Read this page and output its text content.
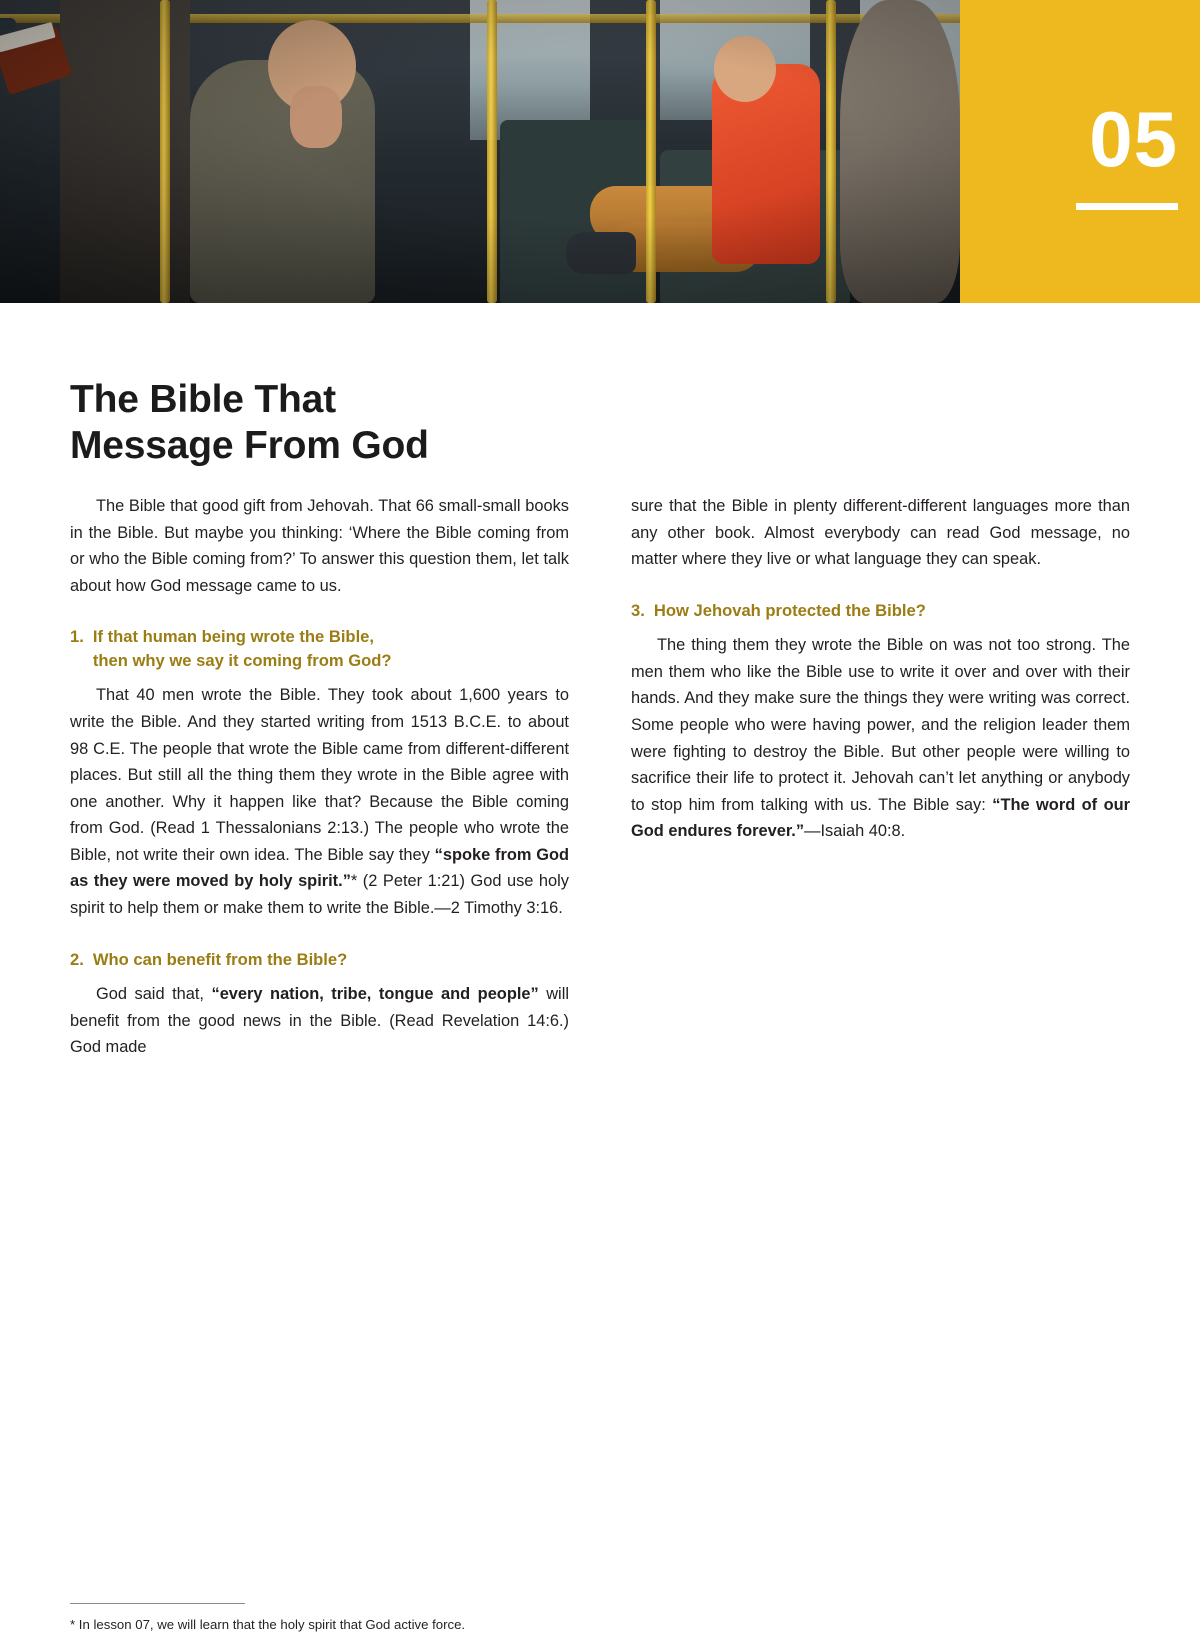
05
The Bible That
Message From God

The Bible that good gift from Jehovah. That 66 small-small books in the Bible. But maybe you thinking: ‘Where the Bible coming from or who the Bible coming from?’ To answer this question them, let talk about how God message came to us.

1. If that human being wrote the Bible,
then why we say it coming from God?

That 40 men wrote the Bible. They took about 1,600 years to write the Bible. And they started writing from 1513 B.C.E. to about 98 C.E. The people that wrote the Bible came from different-different places. But still all the thing them they wrote in the Bible agree with one another. Why it happen like that? Because the Bible coming from God. (Read 1 Thessalonians 2:13.) The people who wrote the Bible, not write their own idea. The Bible say they “spoke from God as they were moved by holy spirit.”* (2 Peter 1:21) God use holy spirit to help them or make them to write the Bible.—2 Timothy 3:16.

2. Who can benefit from the Bible?

God said that, “every nation, tribe, tongue and people” will benefit from the good news in the Bible. (Read Revelation 14:6.) God made

sure that the Bible in plenty different-different languages more than any other book. Almost everybody can read God message, no matter where they live or what language they can speak.

3. How Jehovah protected the Bible?

The thing them they wrote the Bible on was not too strong. The men them who like the Bible use to write it over and over with their hands. And they make sure the things they were writing was correct. Some people who were having power, and the religion leader them were fighting to destroy the Bible. But other people were willing to sacrifice their life to protect it. Jehovah can’t let anything or anybody to stop him from talking with us. The Bible say: “The word of our God endures forever.”—Isaiah 40:8.

* In lesson 07, we will learn that the holy spirit that God active force.
